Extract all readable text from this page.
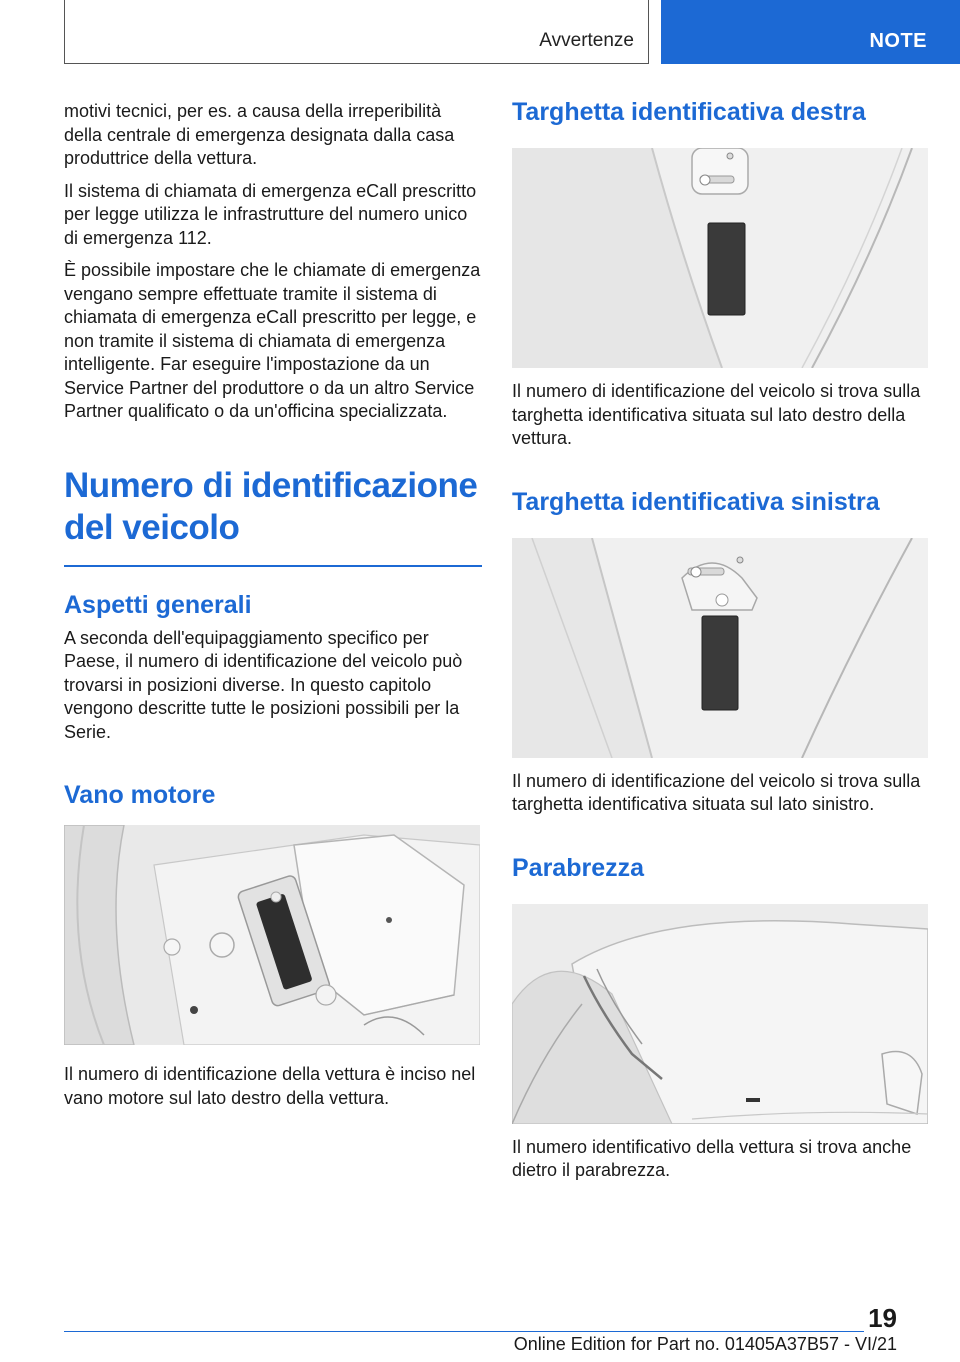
Avvertenze	NOTE

motivi tecnici, per es. a causa della irreperibilità della centrale di emergenza designata dalla casa produttrice della vettura.

Il sistema di chiamata di emergenza eCall prescritto per legge utilizza le infrastrutture del numero unico di emergenza 112.

È possibile impostare che le chiamate di emergenza vengano sempre effettuate tramite il sistema di chiamata di emergenza eCall prescritto per legge, e non tramite il sistema di chiamata di emergenza intelligente. Far eseguire l'impostazione da un Service Partner del produttore o da un altro Service Partner qualificato o da un'officina specializzata.

Numero di identificazione del veicolo
Aspetti generali

A seconda dell'equipaggiamento specifico per Paese, il numero di identificazione del veicolo può trovarsi in posizioni diverse. In questo capitolo vengono descritte tutte le posizioni possibili per la Serie.

Vano motore

Il numero di identificazione della vettura è inciso nel vano motore sul lato destro della vettura.

Targhetta identificativa destra

Il numero di identificazione del veicolo si trova sulla targhetta identificativa situata sul lato destro della vettura.

Targhetta identificativa sinistra

Il numero di identificazione del veicolo si trova sulla targhetta identificativa situata sul lato sinistro.

Parabrezza

Il numero identificativo della vettura si trova anche dietro il parabrezza.

19
Online Edition for Part no. 01405A37B57 - VI/21
